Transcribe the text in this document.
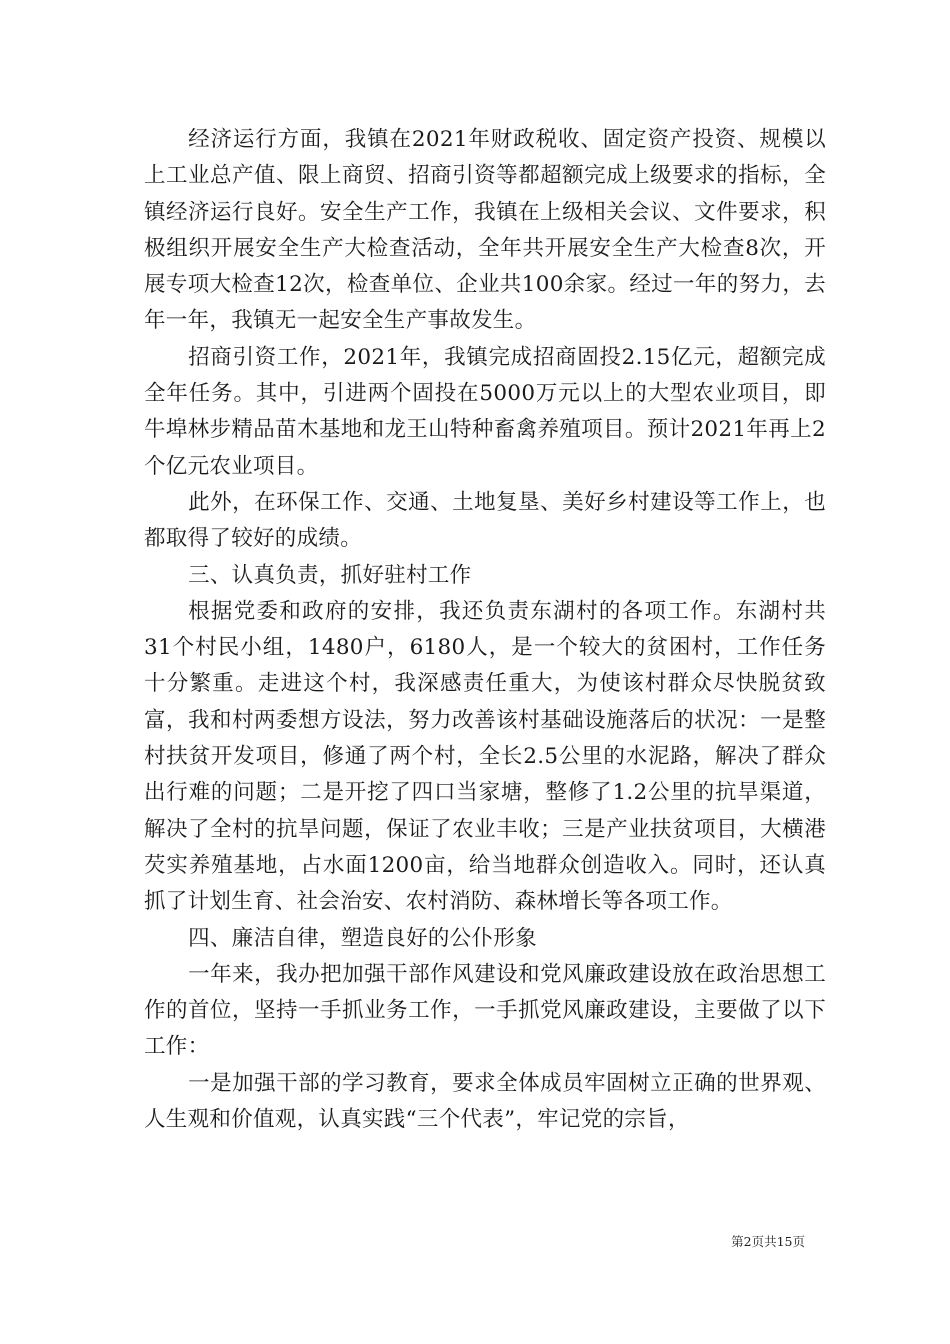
经济运行方面，我镇在2021年财政税收、固定资产投资、规模以上工业总产值、限上商贸、招商引资等都超额完成上级要求的指标，全镇经济运行良好。安全生产工作，我镇在上级相关会议、文件要求，积极组织开展安全生产大检查活动，全年共开展安全生产大检查8次，开展专项大检查12次，检查单位、企业共100余家。经过一年的努力，去年一年，我镇无一起安全生产事故发生。

招商引资工作，2021年，我镇完成招商固投2.15亿元，超额完成全年任务。其中，引进两个固投在5000万元以上的大型农业项目，即牛埠林步精品苗木基地和龙王山特种畜禽养殖项目。预计2021年再上2个亿元农业项目。

此外，在环保工作、交通、土地复垦、美好乡村建设等工作上，也都取得了较好的成绩。

三、认真负责，抓好驻村工作

根据党委和政府的安排，我还负责东湖村的各项工作。东湖村共31个村民小组，1480户，6180人，是一个较大的贫困村，工作任务十分繁重。走进这个村，我深感责任重大，为使该村群众尽快脱贫致富，我和村两委想方设法，努力改善该村基础设施落后的状况：一是整村扶贫开发项目，修通了两个村，全长2.5公里的水泥路，解决了群众出行难的问题；二是开挖了四口当家塘，整修了1.2公里的抗旱渠道，解决了全村的抗旱问题，保证了农业丰收；三是产业扶贫项目，大横港芡实养殖基地，占水面1200亩，给当地群众创造收入。同时，还认真抓了计划生育、社会治安、农村消防、森林增长等各项工作。

四、廉洁自律，塑造良好的公仆形象

一年来，我办把加强干部作风建设和党风廉政建设放在政治思想工作的首位，坚持一手抓业务工作，一手抓党风廉政建设，主要做了以下工作：

一是加强干部的学习教育，要求全体成员牢固树立正确的世界观、人生观和价值观，认真实践“三个代表”，牢记党的宗旨，

第2页共15页
